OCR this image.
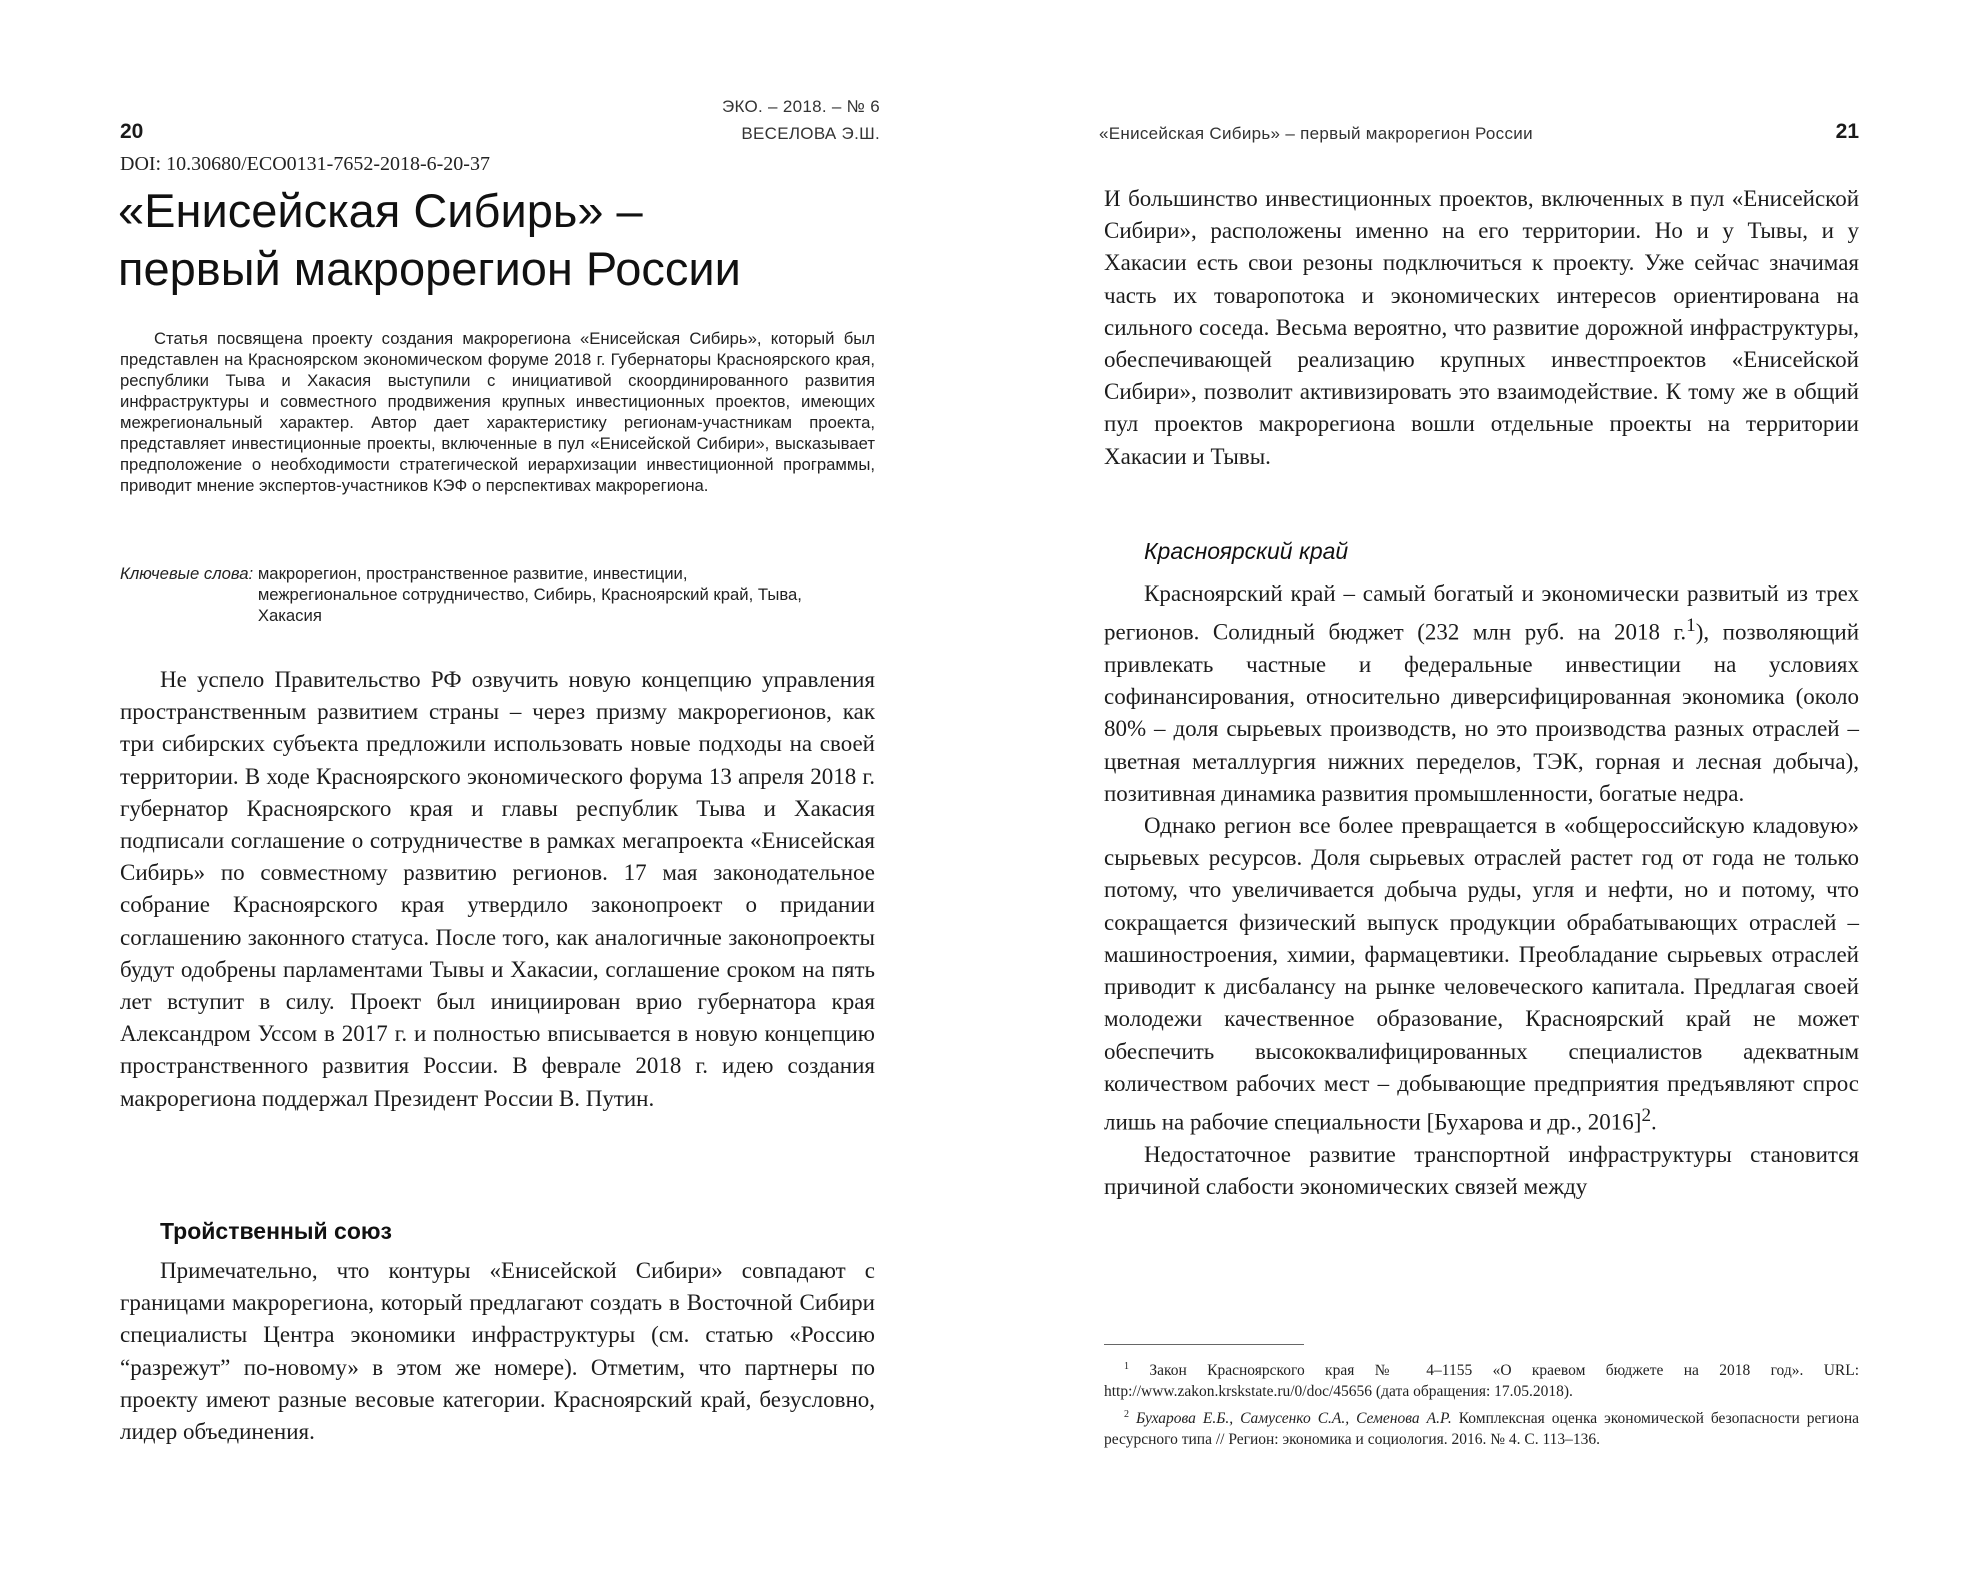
ЭКО. – 2018. – № 6
ВЕСЕЛОВА Э.Ш.
20
DOI: 10.30680/ECO0131-7652-2018-6-20-37
«Енисейская Сибирь» –
первый макрорегион России
Статья посвящена проекту создания макрорегиона «Енисейская Сибирь», который был представлен на Красноярском экономическом форуме 2018 г. Губернаторы Красноярского края, республики Тыва и Хакасия выступили с инициативой скоординированного развития инфраструктуры и совместного продвижения крупных инвестиционных проектов, имеющих межрегиональный характер. Автор дает характеристику регионам-участникам проекта, представляет инвестиционные проекты, включенные в пул «Енисейской Сибири», высказывает предположение о необходимости стратегической иерархизации инвестиционной программы, приводит мнение экспертов-участников КЭФ о перспективах макрорегиона.
Ключевые слова: макрорегион, пространственное развитие, инвестиции, межрегиональное сотрудничество, Сибирь, Красноярский край, Тыва, Хакасия

Не успело Правительство РФ озвучить новую концепцию управления пространственным развитием страны – через призму макрорегионов, как три сибирских субъекта предложили использовать новые подходы на своей территории. В ходе Красноярского экономического форума 13 апреля 2018 г. губернатор Красноярского края и главы республик Тыва и Хакасия подписали соглашение о сотрудничестве в рамках мегапроекта «Енисейская Сибирь» по совместному развитию регионов. 17 мая законодательное собрание Красноярского края утвердило законопроект о придании соглашению законного статуса. После того, как аналогичные законопроекты будут одобрены парламентами Тывы и Хакасии, соглашение сроком на пять лет вступит в силу. Проект был инициирован врио губернатора края Александром Уссом в 2017 г. и полностью вписывается в новую концепцию пространственного развития России. В феврале 2018 г. идею создания макрорегиона поддержал Президент России В. Путин.

Тройственный союз

Примечательно, что контуры «Енисейской Сибири» совпадают с границами макрорегиона, который предлагают создать в Восточной Сибири специалисты Центра экономики инфраструктуры (см. статью «Россию “разрежут” по-новому» в этом же номере). Отметим, что партнеры по проекту имеют разные весовые категории. Красноярский край, безусловно, лидер объединения.

«Енисейская Сибирь» – первый макрорегион России	21

И большинство инвестиционных проектов, включенных в пул «Енисейской Сибири», расположены именно на его территории. Но и у Тывы, и у Хакасии есть свои резоны подключиться к проекту. Уже сейчас значимая часть их товаропотока и экономических интересов ориентирована на сильного соседа. Весьма вероятно, что развитие дорожной инфраструктуры, обеспечивающей реализацию крупных инвестпроектов «Енисейской Сибири», позволит активизировать это взаимодействие. К тому же в общий пул проектов макрорегиона вошли отдельные проекты на территории Хакасии и Тывы.

Красноярский край

Красноярский край – самый богатый и экономически развитый из трех регионов. Солидный бюджет (232 млн руб. на 2018 г.$^1$), позволяющий привлекать частные и федеральные инвестиции на условиях софинансирования, относительно диверсифицированная экономика (около 80% – доля сырьевых производств, но это производства разных отраслей – цветная металлургия нижних переделов, ТЭК, горная и лесная добыча), позитивная динамика развития промышленности, богатые недра.

Однако регион все более превращается в «общероссийскую кладовую» сырьевых ресурсов. Доля сырьевых отраслей растет год от года не только потому, что увеличивается добыча руды, угля и нефти, но и потому, что сокращается физический выпуск продукции обрабатывающих отраслей – машиностроения, химии, фармацевтики. Преобладание сырьевых отраслей приводит к дисбалансу на рынке человеческого капитала. Предлагая своей молодежи качественное образование, Красноярский край не может обеспечить высококвалифицированных специалистов адекватным количеством рабочих мест – добывающие предприятия предъявляют спрос лишь на рабочие специальности [Бухарова и др., 2016]$^2$.

Недостаточное развитие транспортной инфраструктуры становится причиной слабости экономических связей между

$^1$ Закон Красноярского края № 4–1155 «О краевом бюджете на 2018 год». URL: http://www.zakon.krskstate.ru/0/doc/45656 (дата обращения: 17.05.2018).

$^2$ Бухарова Е.Б., Самусенко С.А., Семенова А.Р. Комплексная оценка экономической безопасности региона ресурсного типа // Регион: экономика и социология. 2016. № 4. С. 113–136.
